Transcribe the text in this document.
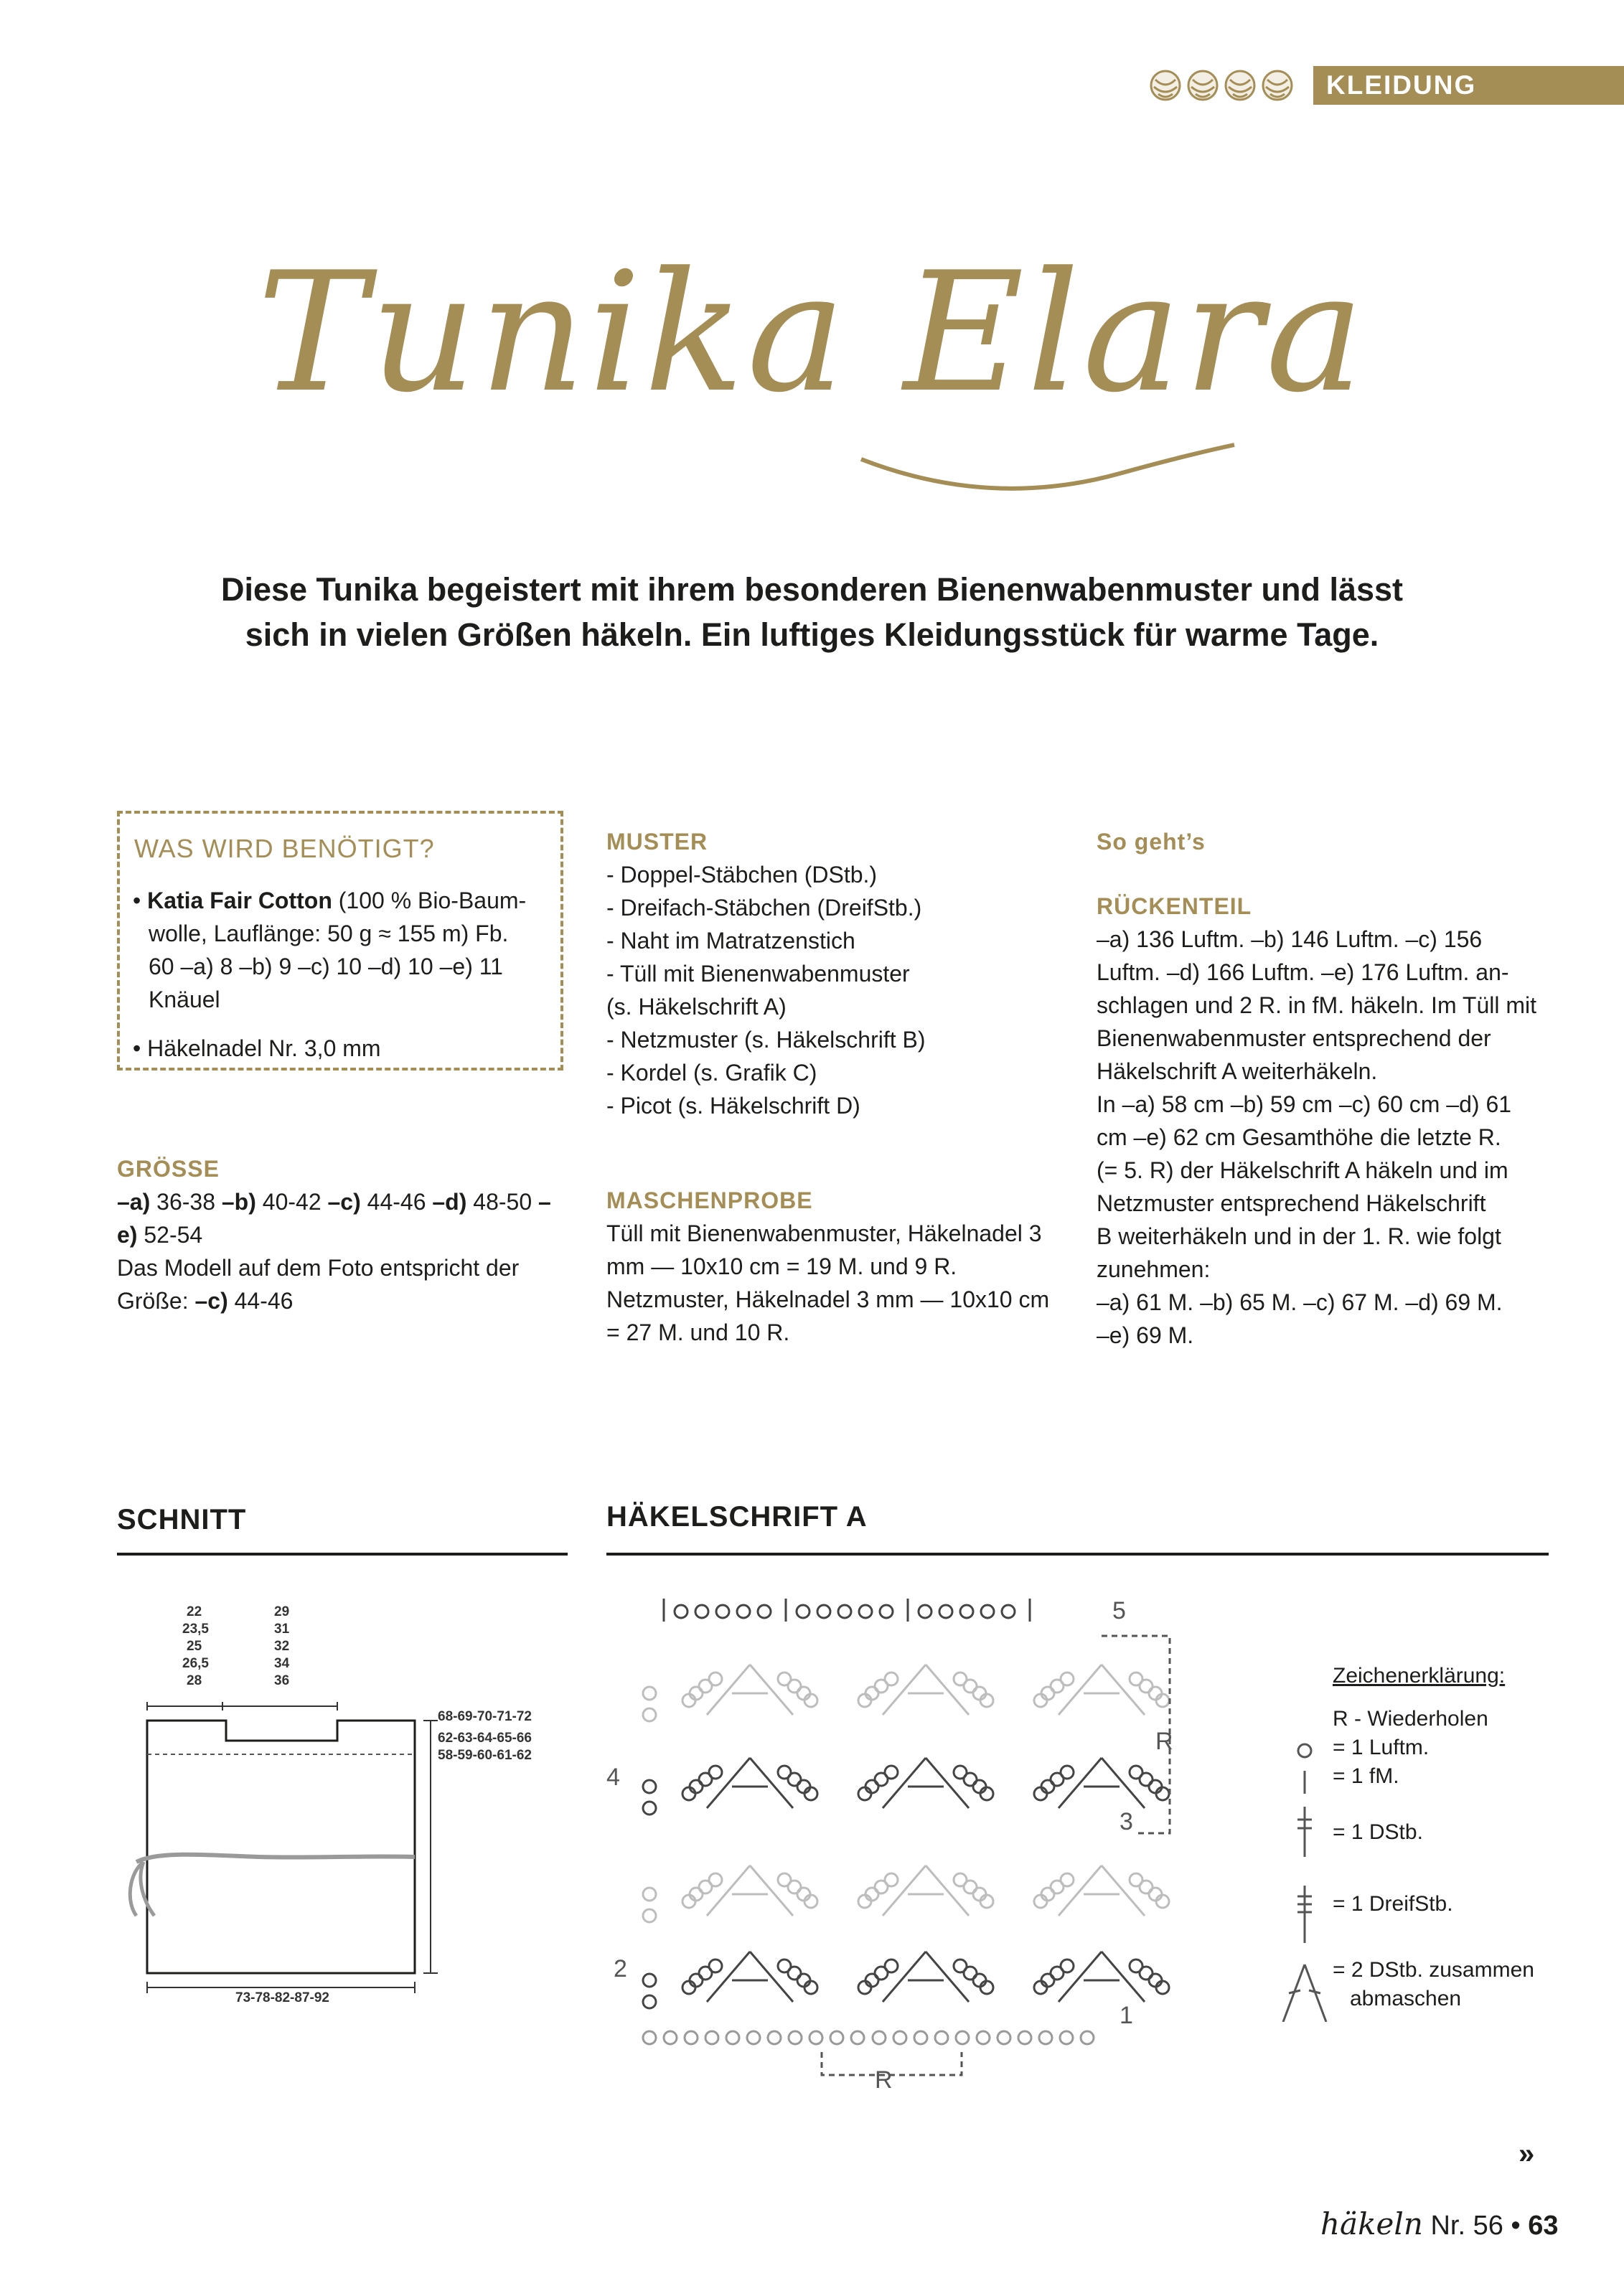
KLEIDUNG
Tunika Elara
Diese Tunika begeistert mit ihrem besonderen Bienenwabenmuster und lässt
sich in vielen Größen häkeln. Ein luftiges Kleidungsstück für warme Tage.
WAS WIRD BENÖTIGT?
• Katia Fair Cotton (100 % Bio-Baum-
wolle, Lauflänge: 50 g ≈ 155 m) Fb.
60 –a) 8 –b) 9 –c) 10 –d) 10 –e) 11
Knäuel
• Häkelnadel Nr. 3,0 mm
GRÖSSE
–a) 36-38 –b) 40-42 –c) 44-46 –d) 48-50 –e) 52-54
Das Modell auf dem Foto entspricht der
Größe: –c) 44-46
MUSTER
- Doppel-Stäbchen (DStb.)
- Dreifach-Stäbchen (DreifStb.)
- Naht im Matratzenstich
- Tüll mit Bienenwabenmuster
(s. Häkelschrift A)
- Netzmuster (s. Häkelschrift B)
- Kordel (s. Grafik C)
- Picot (s. Häkelschrift D)
MASCHENPROBE
Tüll mit Bienenwabenmuster, Häkelnadel 3
mm — 10x10 cm = 19 M. und 9 R.
Netzmuster, Häkelnadel 3 mm — 10x10 cm
= 27 M. und 10 R.
So geht’s
RÜCKENTEIL
–a) 136 Luftm. –b) 146 Luftm. –c) 156
Luftm. –d) 166 Luftm. –e) 176 Luftm. an-
schlagen und 2 R. in fM. häkeln. Im Tüll mit
Bienenwabenmuster entsprechend der
Häkelschrift A weiterhäkeln.
In –a) 58 cm –b) 59 cm –c) 60 cm –d) 61
cm –e) 62 cm Gesamthöhe die letzte R.
(= 5. R) der Häkelschrift A häkeln und im
Netzmuster entsprechend Häkelschrift
B weiterhäkeln und in der 1. R. wie folgt
zunehmen:
–a) 61 M. –b) 65 M. –c) 67 M. –d) 69 M.
–e) 69 M.
SCHNITT
22
23,5
25
26,5
28
29
31
32
34
36
68-69-70-71-72
62-63-64-65-66
58-59-60-61-62
73-78-82-87-92
HÄKELSCHRIFT A
5
4
3
2
1
R
R
Zeichenerklärung:
R - Wiederholen
= 1 Luftm.
= 1 fM.
= 1 DStb.
= 1 DreifStb.
= 2 DStb. zusammen
abmaschen
»
häkeln Nr. 56 • 63
